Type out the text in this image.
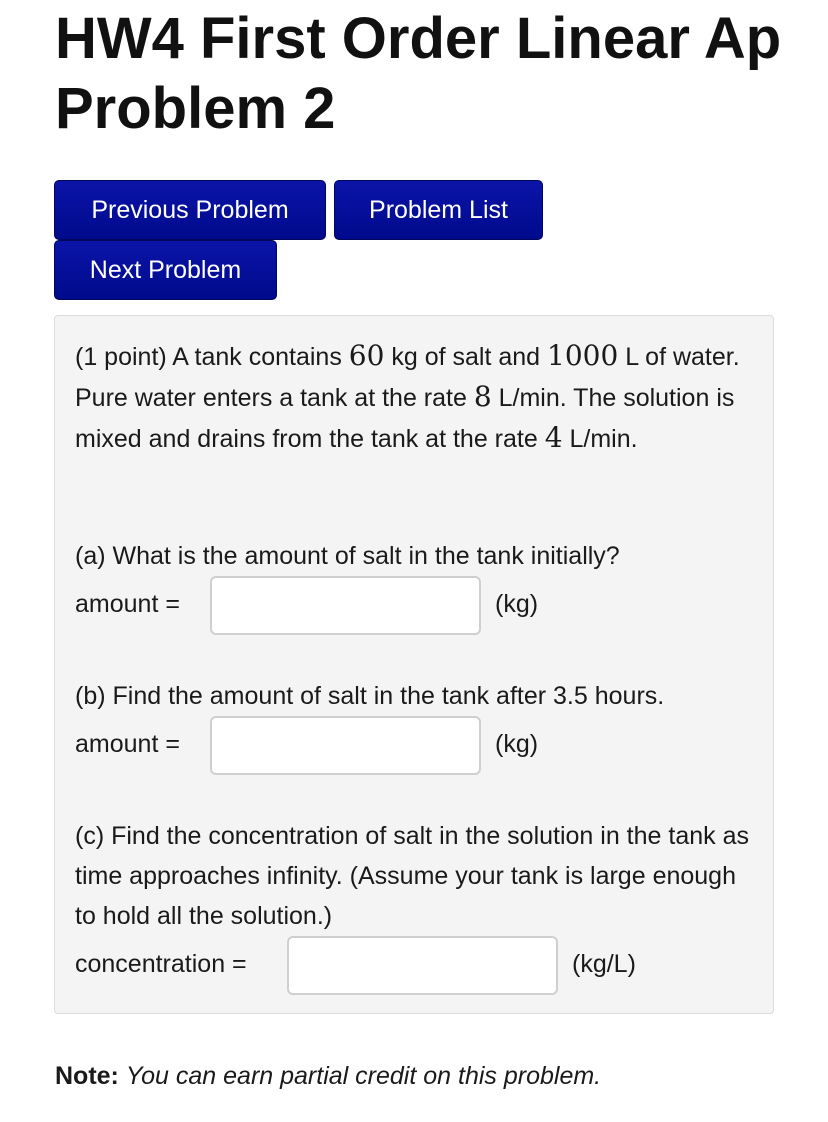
HW4 First Order Linear Ap
Problem 2
Previous Problem	Problem List
Next Problem

(1 point) A tank contains 60 kg of salt and 1000 L of water. Pure water enters a tank at the rate 8 L/min. The solution is mixed and drains from the tank at the rate 4 L/min.

(a) What is the amount of salt in the tank initially?

amount =	(kg)

(b) Find the amount of salt in the tank after 3.5 hours.

amount =	(kg)

(c) Find the concentration of salt in the solution in the tank as time approaches infinity. (Assume your tank is large enough to hold all the solution.)

concentration =	(kg/L)
Note: You can earn partial credit on this problem.
